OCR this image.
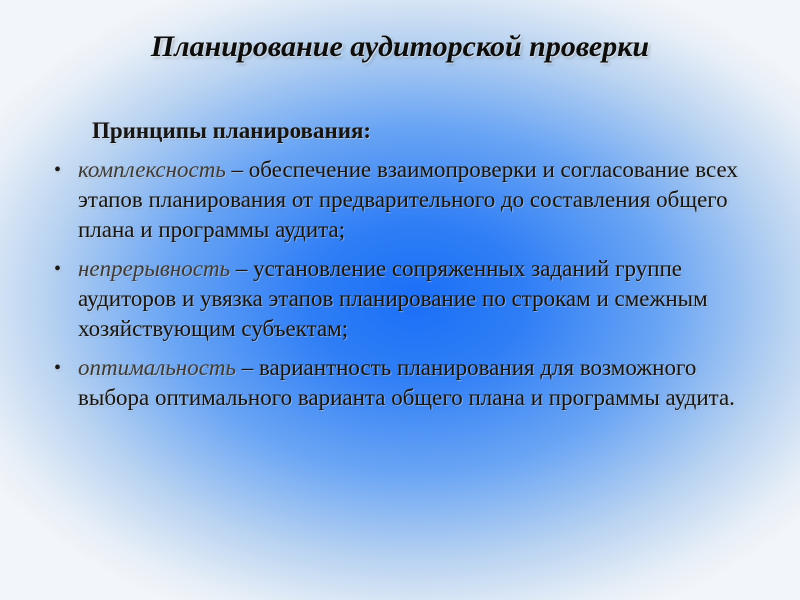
Планирование аудиторской проверки
Принципы планирования:
• комплексность – обеспечение взаимопроверки и согласование всех этапов планирования от предварительного до составления общего плана и программы аудита;
• непрерывность – установление сопряженных заданий группе аудиторов и увязка этапов планирование по строкам и смежным хозяйствующим субъектам;
• оптимальность – вариантность планирования для возможного выбора оптимального варианта общего плана и программы аудита.
